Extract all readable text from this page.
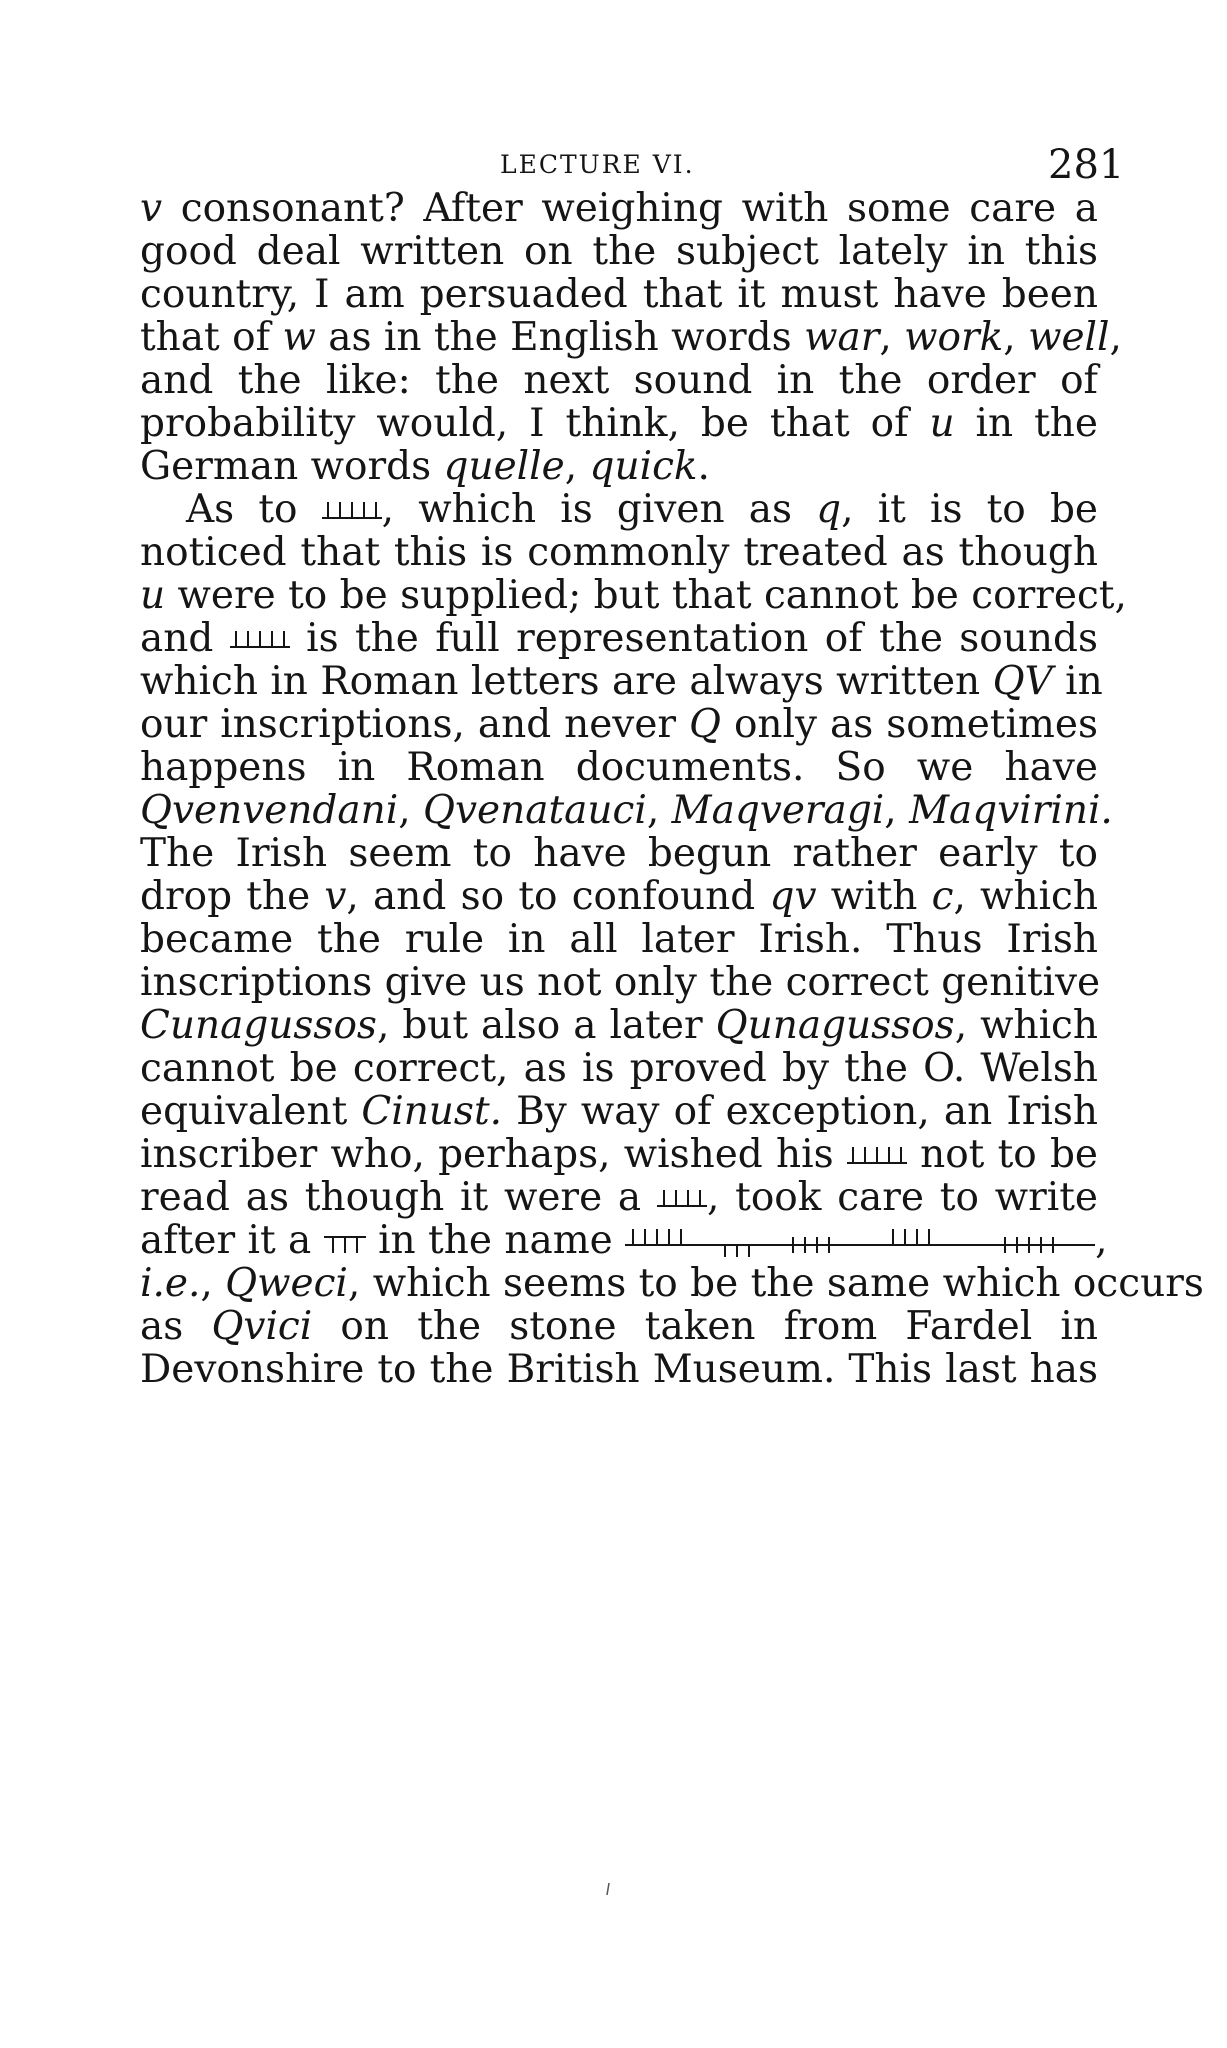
LECTURE VI.	281
v consonant? After weighing with some care a
good deal written on the subject lately in this
country, I am persuaded that it must have been
that of w as in the English words war, work, well,
and the like: the next sound in the order of
probability would, I think, be that of u in the
German words quelle, quick.
As to , which is given as q, it is to be
noticed that this is commonly treated as though
u were to be supplied; but that cannot be correct,
and  is the full representation of the sounds
which in Roman letters are always written QV in
our inscriptions, and never Q only as sometimes
happens in Roman documents. So we have
Qvenvendani, Qvenatauci, Maqveragi, Maqvirini.
The Irish seem to have begun rather early to
drop the v, and so to confound qv with c, which
became the rule in all later Irish. Thus Irish
inscriptions give us not only the correct genitive
Cunagussos, but also a later Qunagussos, which
cannot be correct, as is proved by the O. Welsh
equivalent Cinust. By way of exception, an Irish
inscriber who, perhaps, wished his  not to be
read as though it were a , took care to write
after it a  in the name	,
i.e., Qweci, which seems to be the same which occurs
as Qvici on the stone taken from Fardel in
Devonshire to the British Museum. This last has
